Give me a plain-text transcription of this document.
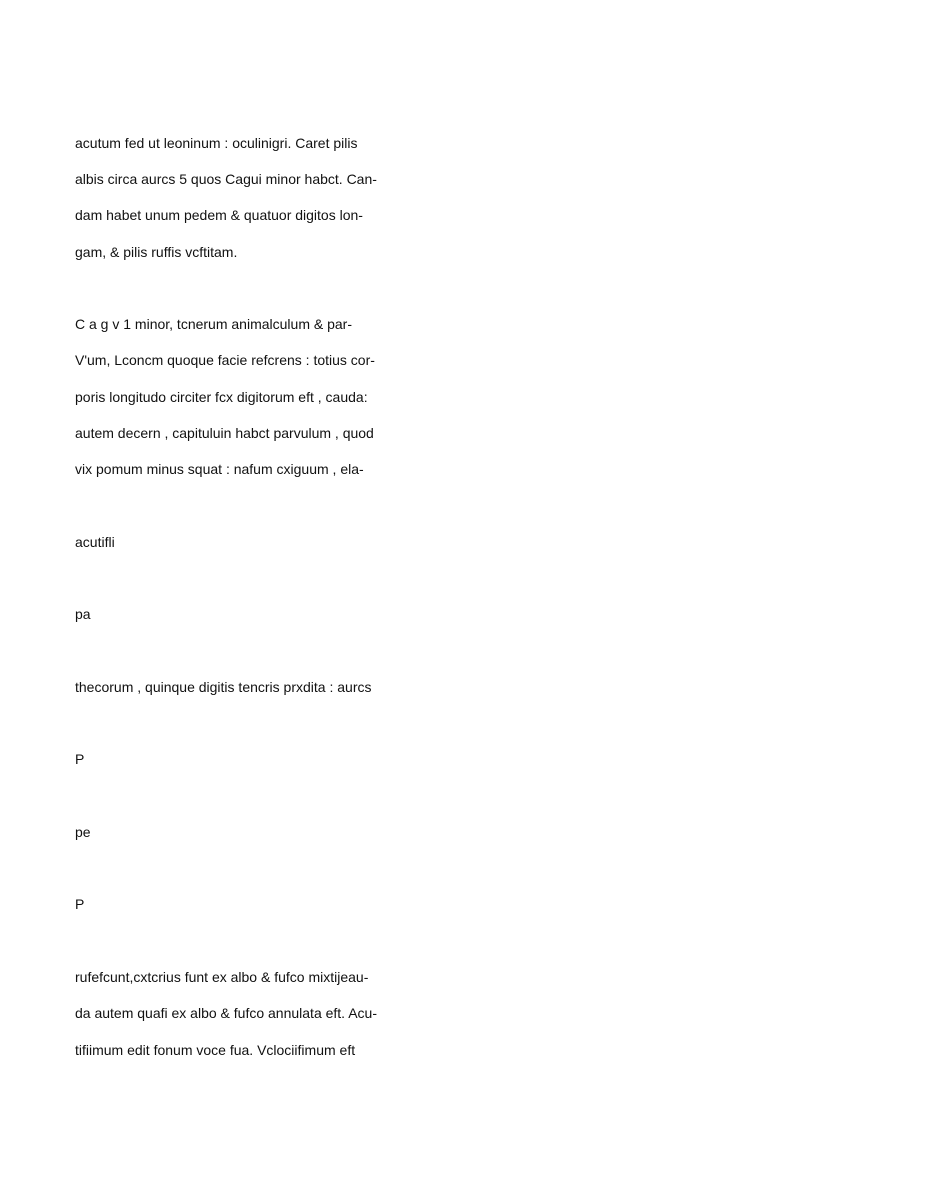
acutum fed ut leoninum : oculinigri. Caret pilis

albis circa aurcs 5 quos Cagui minor habct. Can-

dam habet unum pedem & quatuor digitos lon-

gam, & pilis ruffis vcftitam.

C a g v 1 minor, tcnerum animalculum & par-

V'um, Lconcm quoque facie refcrens : totius cor-

poris longitudo circiter fcx digitorum eft , cauda:

autem decern , capituluin habct parvulum , quod

vix pomum minus squat : nafum cxiguum , ela-

acutifli

pa

thecorum , quinque digitis tencris prxdita : aurcs

P

pe

P

rufefcunt,cxtcrius funt ex albo & fufco mixtijeau-

da autem quafi ex albo & fufco annulata eft. Acu-

tifiimum edit fonum voce fua. Vclociifimum eft
